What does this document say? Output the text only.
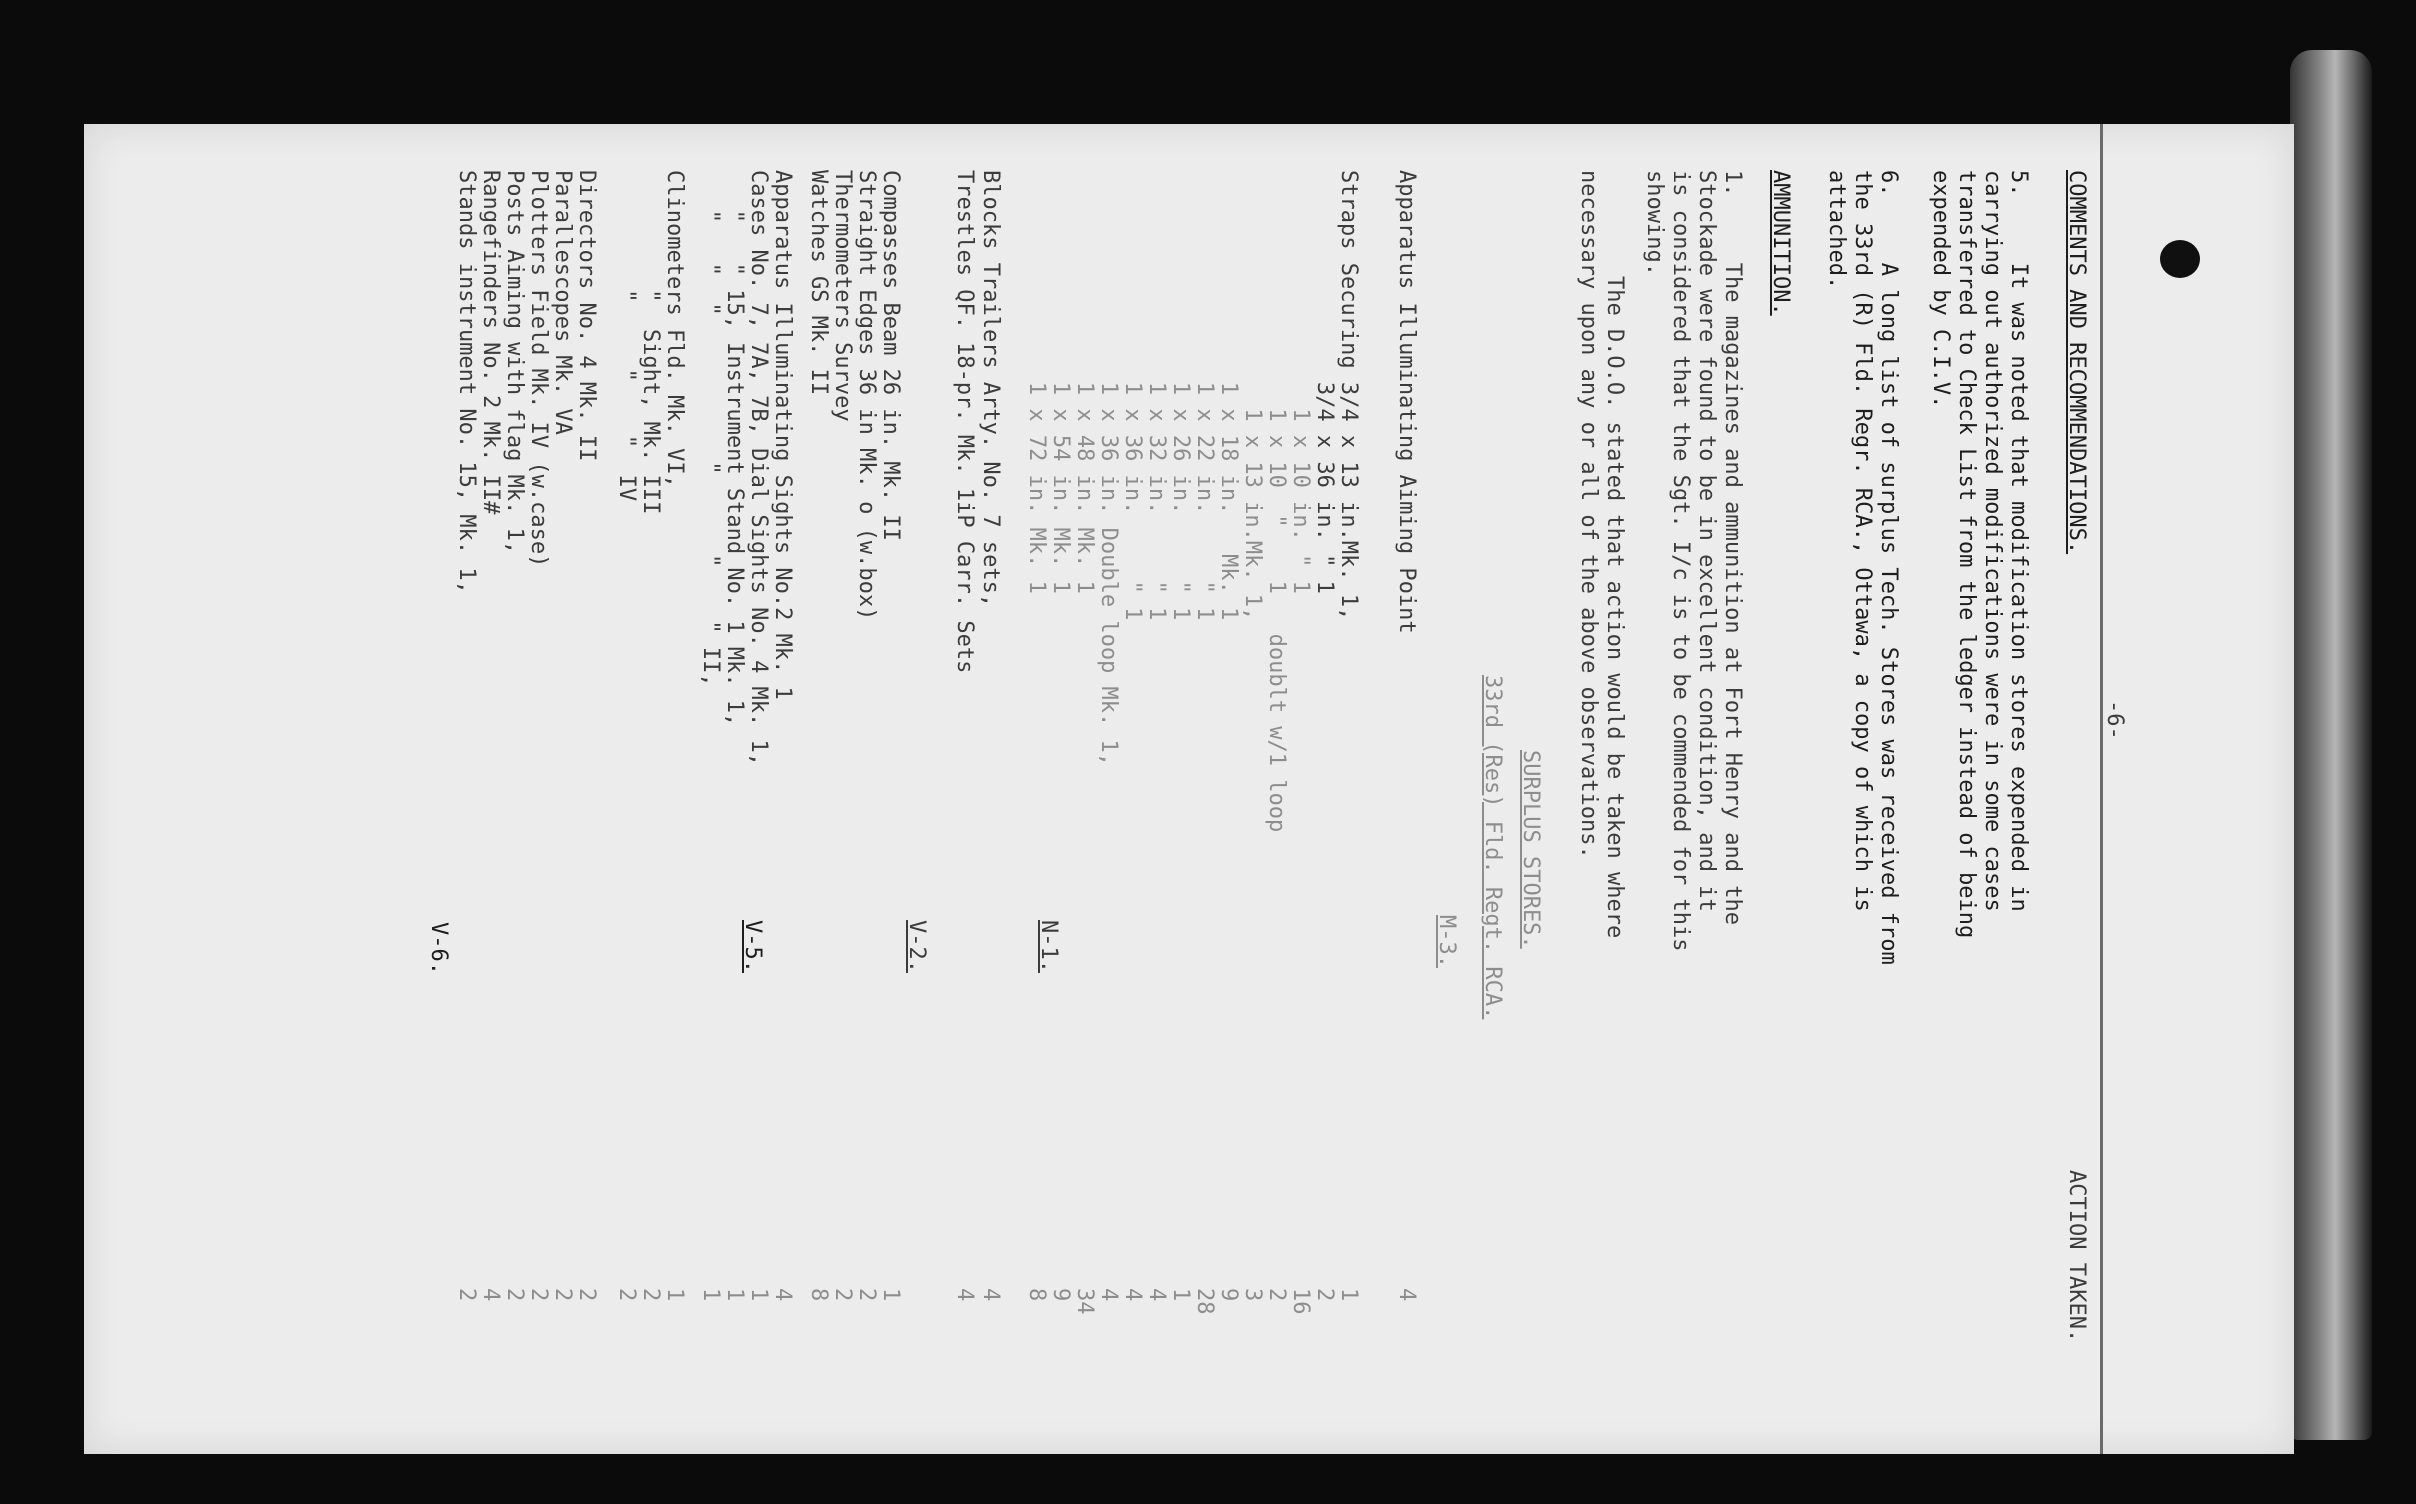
-6-
COMMENTS AND RECOMMENDATIONS.
ACTION TAKEN.
5.     It was noted that modification stores expended in
carrying out authorized modifications were in some cases
transferred to Check List from the ledger instead of being
expended by C.I.V.
6.     A long list of surplus Tech. Stores was received from
the 33rd (R) Fld. Regr. RCA., Ottawa, a copy of which is
attached.
AMMUNITION.
1.     The magazines and ammunition at Fort Henry and the
Stockade were found to be in excellent condition, and it
is considered that the Sgt. I/c is to be commended for this
showing.
The D.O.O. stated that action would be taken where
necessary upon any or all of the above observations.
SURPLUS STORES.
33rd (Res) Fld. Regt. RCA.
M-3.
Apparatus Illuminating Aiming Point
4
Straps Securing 3/4 x 13 in.Mk. 1,
1
3/4 x 36 in. " 1
2
1 x 10 in. " 1
16
1 x 10  "    1   doublt w/1 loop
2
1 x 13 in.Mk. 1,
3
1 x 18 in.   Mk. 1
9
1 x 22 in.     " 1
28
1 x 26 in.     " 1
1
1 x 32 in.     " 1
4
1 x 36 in.     " 1
4
1 x 36 in. Double loop Mk. 1,
4
1 x 48 in. Mk. 1
34
1 x 54 in. Mk. 1
9
1 x 72 in. Mk. 1
8
N-1.
Blocks Trailers Arty. No. 7 sets,
4
Trestles QF. 18-pr. Mk. 1iP Carr. Sets
4
V-2.
Compasses Beam 26 in. Mk. II
1
Straight Edges 36 in Mk. o (w.box)
2
Thermometers Survey
2
Watches GS Mk. II
8
V-5.
Apparatus Illuminating Sights No.2 Mk. 1
4
Cases No. 7, 7A, 7B, Dial Sights No. 4 Mk. 1,
1
"   " 15, Instrument Stand No. 1 Mk. 1,
1
"   "  "           "      "    " II,
1
Clinometers Fld. Mk. VI,
1
"  Sight, Mk. III
2
"     "    "  IV
2
Directors No. 4 Mk. II
2
Parallescopes Mk. VA
2
Plotters Field Mk. IV (w.case)
2
Posts Aiming with flag Mk. 1,
2
Rangefinders No. 2 Mk. II#
4
Stands instrument No. 15, Mk. 1,
2
V-6.
